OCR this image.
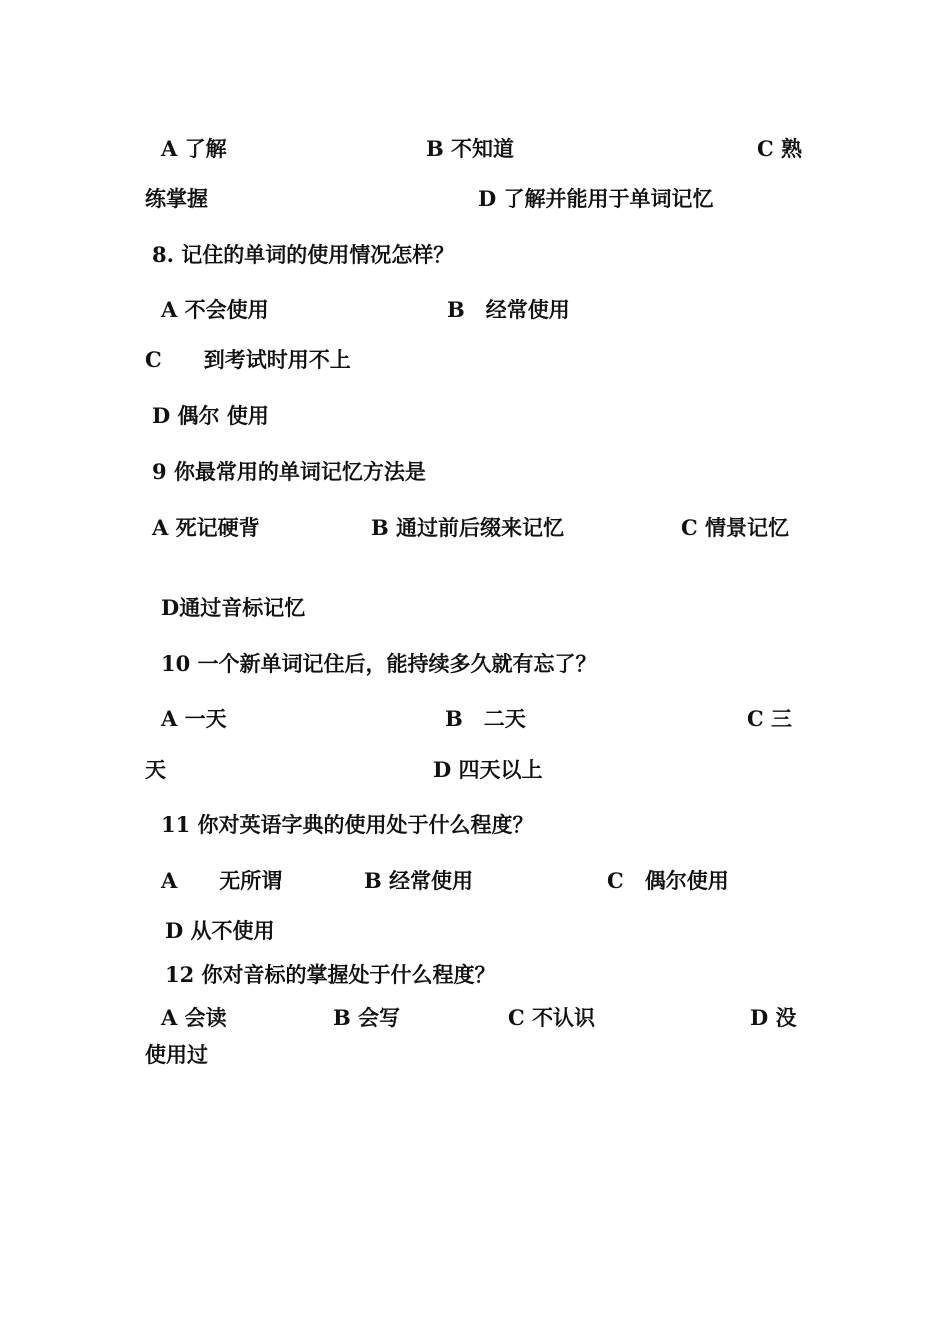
A 了解	B 不知道	C 熟
练掌握	D 了解并能用于单词记忆
8. 记住的单词的使用情况怎样？
A 不会使用	B　经常使用
C　　到考试时用不上
D 偶尔 使用
9 你最常用的单词记忆方法是
A 死记硬背	B 通过前后缀来记忆	C 情景记忆
D通过音标记忆
10 一个新单词记住后，能持续多久就有忘了？
A 一天	B　二天	C 三
天	D 四天以上
11 你对英语字典的使用处于什么程度？
A　　无所谓	B 经常使用	C　偶尔使用
D 从不使用
12 你对音标的掌握处于什么程度？
A 会读	B 会写	C 不认识	D 没
使用过
